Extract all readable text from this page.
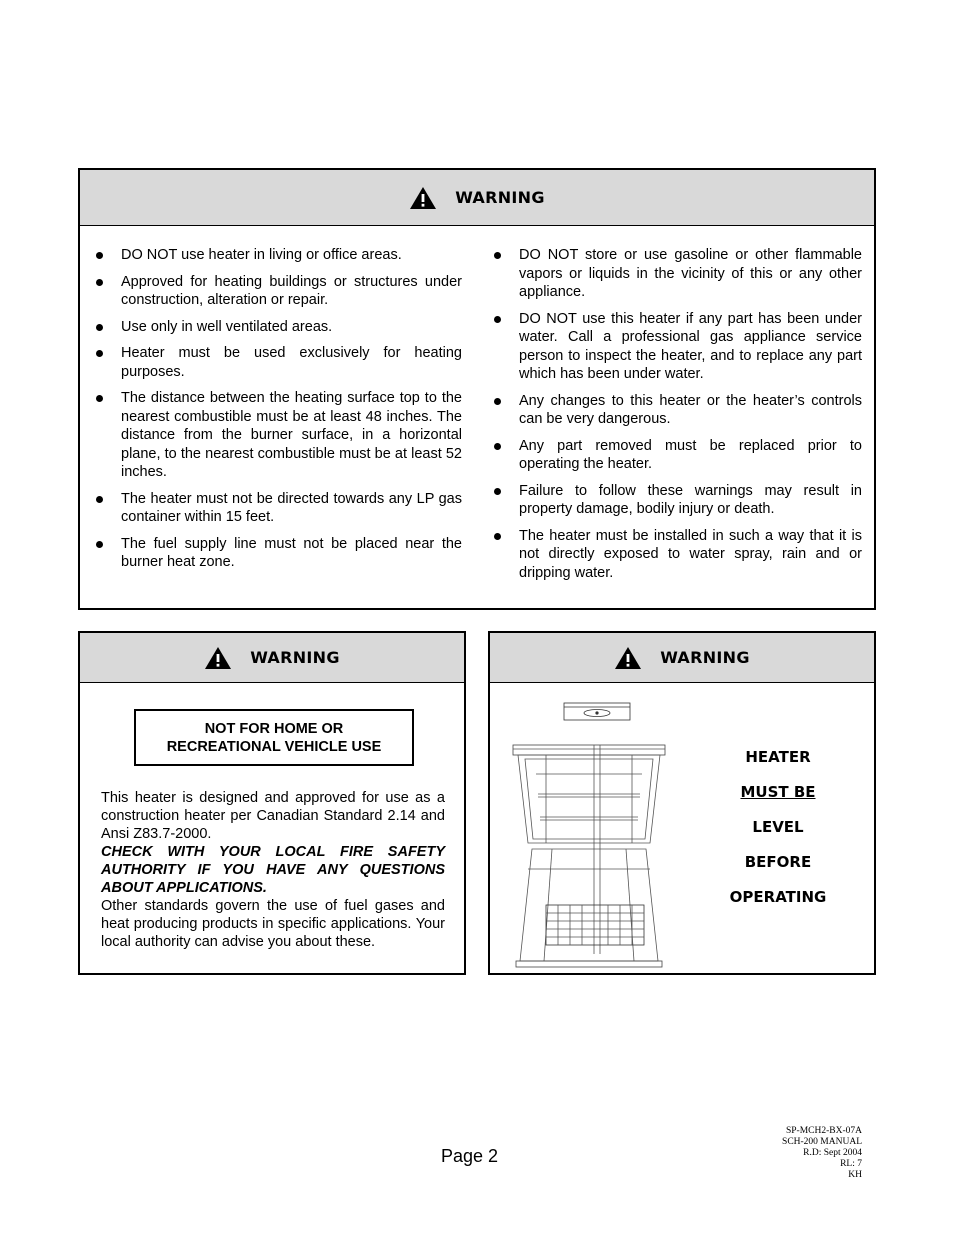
WARNING
DO NOT use heater in living or office areas.
Approved for heating buildings or structures under construction, alteration or repair.
Use only in well ventilated areas.
Heater must be used exclusively for heating purposes.
The distance between the heating surface top to the nearest combustible must be at least 48 inches. The distance from the burner surface, in a horizontal plane, to the nearest combustible must be at least 52 inches.
The heater must not be directed towards any LP gas container within 15 feet.
The fuel supply line must not be placed near the burner heat zone.
DO NOT store or use gasoline or other flammable vapors or liquids in the vicinity of this or any other appliance.
DO NOT use this heater if any part has been under water. Call a professional gas appliance service person to inspect the heater, and to replace any part which has been under water.
Any changes to this heater or the heater’s controls can be very dangerous.
Any part removed must be replaced prior to operating the heater.
Failure to follow these warnings may result in property damage, bodily injury or death.
The heater must be installed in such a way that it is not directly exposed to water spray, rain and or dripping water.
WARNING
NOT FOR HOME OR
RECREATIONAL VEHICLE USE
This heater is designed and approved for use as a construction heater per Canadian Standard 2.14 and Ansi Z83.7-2000.
CHECK WITH YOUR LOCAL FIRE SAFETY AUTHORITY IF YOU HAVE ANY QUESTIONS ABOUT APPLICATIONS.
Other standards govern the use of fuel gases and heat producing products in specific applications. Your local authority can advise you about these.
WARNING
HEATER
MUST BE
LEVEL
BEFORE
OPERATING
Page 2
SP-MCH2-BX-07A
SCH-200 MANUAL
R.D: Sept 2004
RL: 7
KH
